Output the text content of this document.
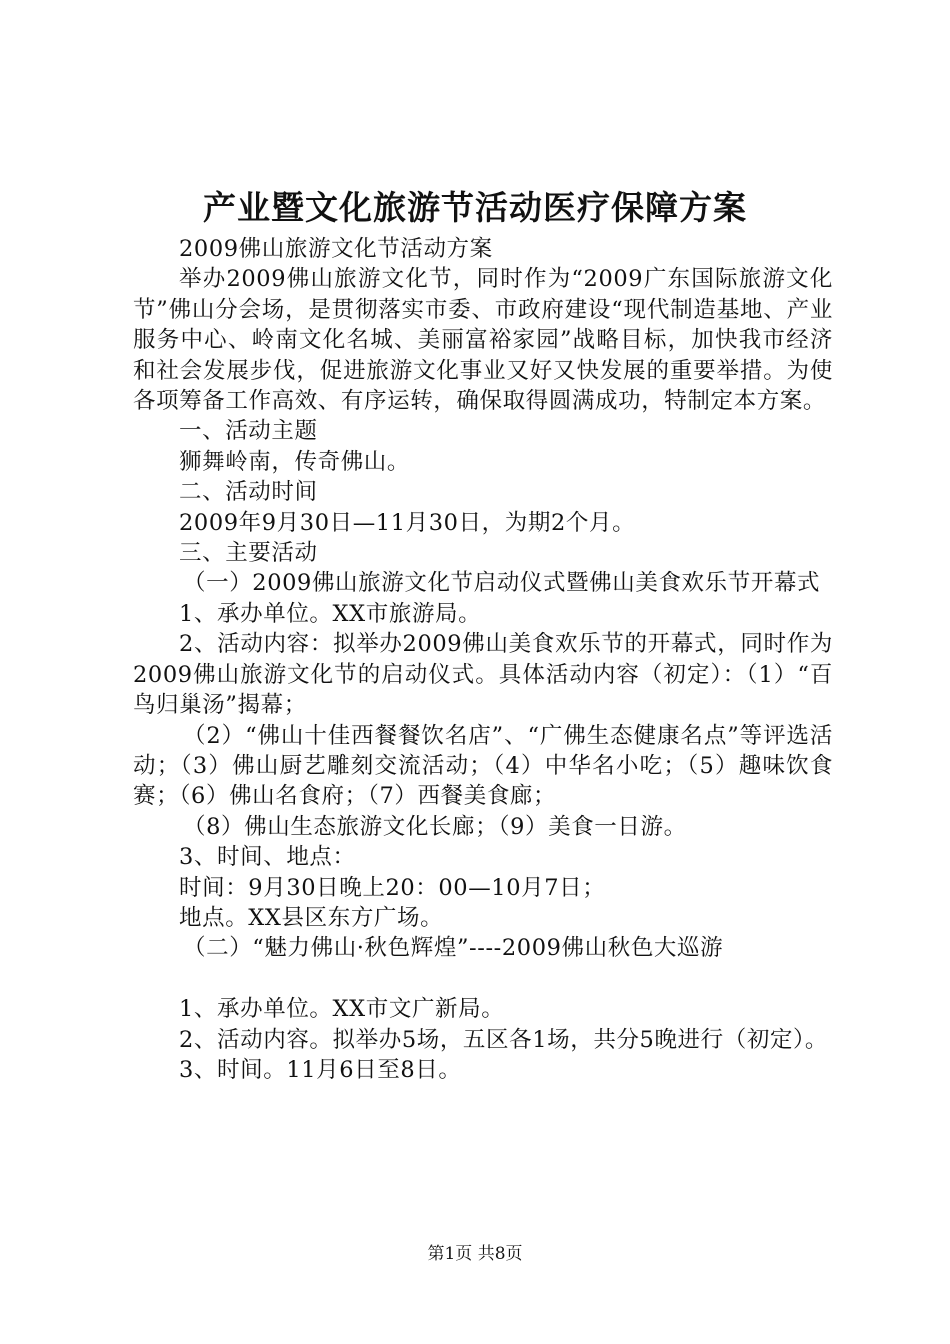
产业暨文化旅游节活动医疗保障方案

2009佛山旅游文化节活动方案

举办2009佛山旅游文化节，同时作为“2009广东国际旅游文化节”佛山分会场，是贯彻落实市委、市政府建设“现代制造基地、产业服务中心、岭南文化名城、美丽富裕家园”战略目标，加快我市经济和社会发展步伐，促进旅游文化事业又好又快发展的重要举措。为使各项筹备工作高效、有序运转，确保取得圆满成功，特制定本方案。

一、活动主题

狮舞岭南，传奇佛山。

二、活动时间

2009年9月30日—11月30日，为期2个月。

三、主要活动

（一）2009佛山旅游文化节启动仪式暨佛山美食欢乐节开幕式

1、承办单位。XX市旅游局。

2、活动内容：拟举办2009佛山美食欢乐节的开幕式，同时作为2009佛山旅游文化节的启动仪式。具体活动内容（初定）：（1）“百鸟归巢汤”揭幕；

（2）“佛山十佳西餐餐饮名店”、“广佛生态健康名点”等评选活动；（3）佛山厨艺雕刻交流活动；（4）中华名小吃；（5）趣味饮食赛；（6）佛山名食府；（7）西餐美食廊；

（8）佛山生态旅游文化长廊；（9）美食一日游。

3、时间、地点：

时间：9月30日晚上20：00—10月7日；

地点。XX县区东方广场。

（二）“魅力佛山·秋色辉煌”----2009佛山秋色大巡游

1、承办单位。XX市文广新局。

2、活动内容。拟举办5场，五区各1场，共分5晚进行（初定）。

3、时间。11月6日至8日。

第1页 共8页
